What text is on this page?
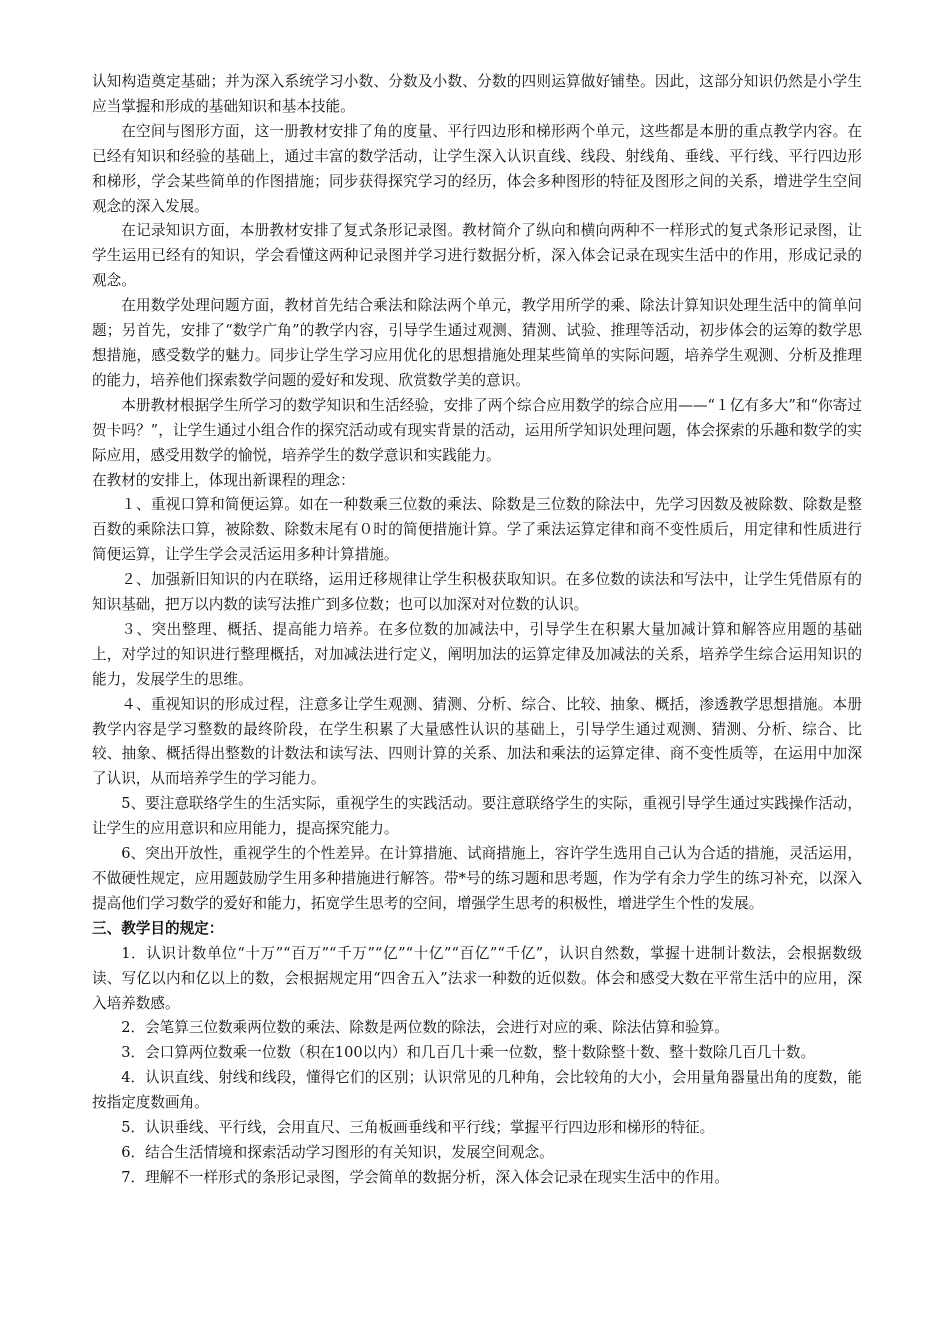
认知构造奠定基础；并为深入系统学习小数、分数及小数、分数的四则运算做好铺垫。因此，这部分知识仍然是小学生应当掌握和形成的基础知识和基本技能。

在空间与图形方面，这一册教材安排了角的度量、平行四边形和梯形两个单元，这些都是本册的重点教学内容。在已经有知识和经验的基础上，通过丰富的数学活动，让学生深入认识直线、线段、射线角、垂线、平行线、平行四边形和梯形，学会某些简单的作图措施；同步获得探究学习的经历，体会多种图形的特征及图形之间的关系，增进学生空间观念的深入发展。

在记录知识方面，本册教材安排了复式条形记录图。教材简介了纵向和横向两种不一样形式的复式条形记录图，让学生运用已经有的知识，学会看懂这两种记录图并学习进行数据分析，深入体会记录在现实生活中的作用，形成记录的观念。

在用数学处理问题方面，教材首先结合乘法和除法两个单元，教学用所学的乘、除法计算知识处理生活中的简单问题；另首先，安排了“数学广角”的教学内容，引导学生通过观测、猜测、试验、推理等活动，初步体会的运筹的数学思想措施，感受数学的魅力。同步让学生学习应用优化的思想措施处理某些简单的实际问题，培养学生观测、分析及推理的能力，培养他们探索数学问题的爱好和发现、欣赏数学美的意识。

本册教材根据学生所学习的数学知识和生活经验，安排了两个综合应用数学的综合应用——“１亿有多大”和“你寄过贺卡吗？”，让学生通过小组合作的探究活动或有现实背景的活动，运用所学知识处理问题，体会探索的乐趣和数学的实际应用，感受用数学的愉悦，培养学生的数学意识和实践能力。

在教材的安排上，体现出新课程的理念：

１、重视口算和简便运算。如在一种数乘三位数的乘法、除数是三位数的除法中，先学习因数及被除数、除数是整百数的乘除法口算，被除数、除数末尾有０时的简便措施计算。学了乘法运算定律和商不变性质后，用定律和性质进行简便运算，让学生学会灵活运用多种计算措施。

２、加强新旧知识的内在联络，运用迁移规律让学生积极获取知识。在多位数的读法和写法中，让学生凭借原有的知识基础，把万以内数的读写法推广到多位数；也可以加深对对位数的认识。

３、突出整理、概括、提高能力培养。在多位数的加减法中，引导学生在积累大量加减计算和解答应用题的基础上，对学过的知识进行整理概括，对加减法进行定义，阐明加法的运算定律及加减法的关系，培养学生综合运用知识的能力，发展学生的思维。

４、重视知识的形成过程，注意多让学生观测、猜测、分析、综合、比较、抽象、概括，渗透教学思想措施。本册教学内容是学习整数的最终阶段，在学生积累了大量感性认识的基础上，引导学生通过观测、猜测、分析、综合、比较、抽象、概括得出整数的计数法和读写法、四则计算的关系、加法和乘法的运算定律、商不变性质等，在运用中加深了认识，从而培养学生的学习能力。

5、要注意联络学生的生活实际，重视学生的实践活动。要注意联络学生的实际，重视引导学生通过实践操作活动，让学生的应用意识和应用能力，提高探究能力。

6、突出开放性，重视学生的个性差异。在计算措施、试商措施上，容许学生选用自己认为合适的措施，灵活运用，不做硬性规定，应用题鼓励学生用多种措施进行解答。带*号的练习题和思考题，作为学有余力学生的练习补充，以深入提高他们学习数学的爱好和能力，拓宽学生思考的空间，增强学生思考的积极性，增进学生个性的发展。

三、教学目的规定：

1．认识计数单位“十万”“百万”“千万”“亿”“十亿”“百亿”“千亿”，认识自然数，掌握十进制计数法，会根据数级读、写亿以内和亿以上的数，会根据规定用“四舍五入”法求一种数的近似数。体会和感受大数在平常生活中的应用，深入培养数感。

2．会笔算三位数乘两位数的乘法、除数是两位数的除法，会进行对应的乘、除法估算和验算。

3．会口算两位数乘一位数（积在100以内）和几百几十乘一位数，整十数除整十数、整十数除几百几十数。

4．认识直线、射线和线段，懂得它们的区别；认识常见的几种角，会比较角的大小，会用量角器量出角的度数，能按指定度数画角。

5．认识垂线、平行线，会用直尺、三角板画垂线和平行线；掌握平行四边形和梯形的特征。

6．结合生活情境和探索活动学习图形的有关知识，发展空间观念。

7．理解不一样形式的条形记录图，学会简单的数据分析，深入体会记录在现实生活中的作用。
